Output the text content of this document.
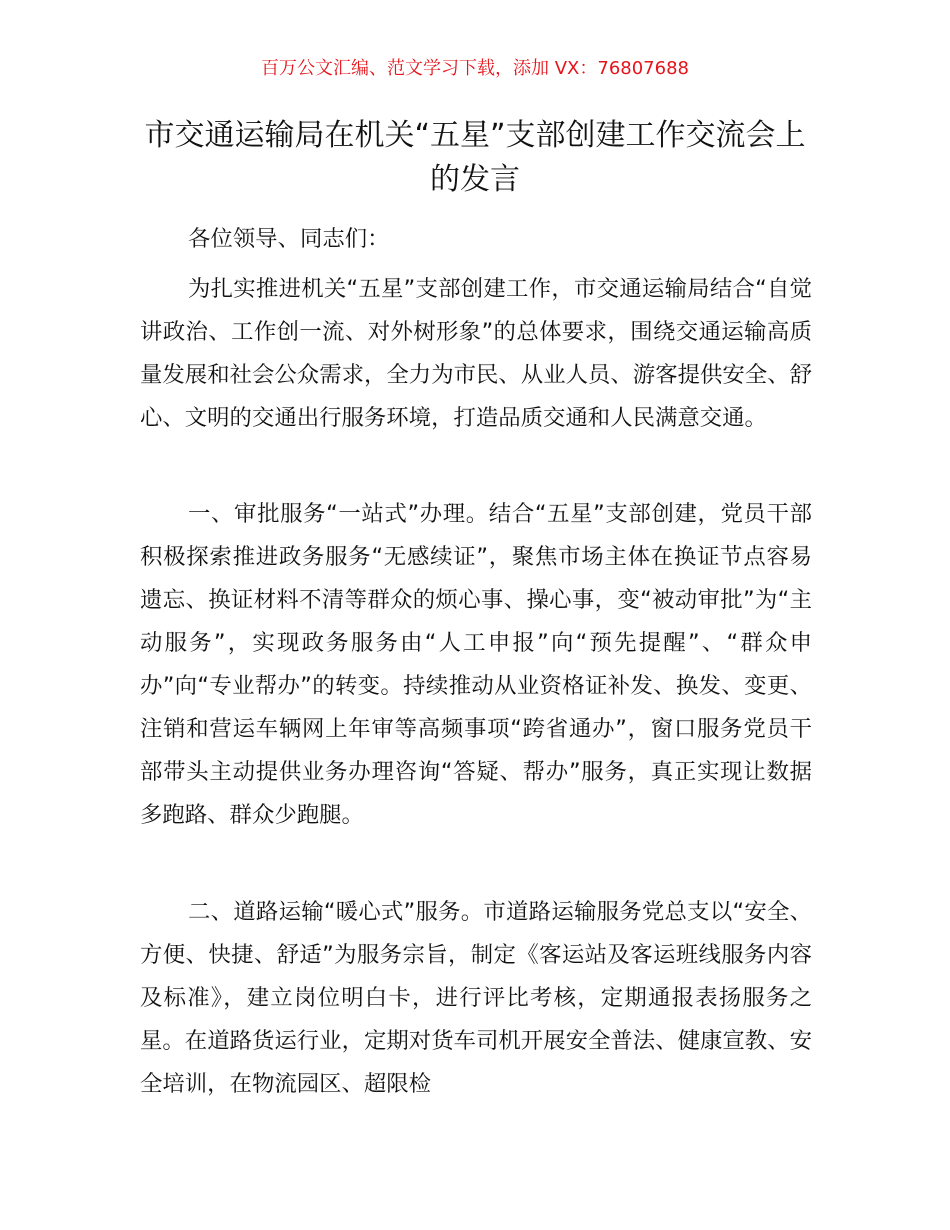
百万公文汇编、范文学习下载，添加 VX：76807688
市交通运输局在机关“五星”支部创建工作交流会上的发言
各位领导、同志们：
为扎实推进机关“五星”支部创建工作，市交通运输局结合“自觉讲政治、工作创一流、对外树形象”的总体要求，围绕交通运输高质量发展和社会公众需求，全力为市民、从业人员、游客提供安全、舒心、文明的交通出行服务环境，打造品质交通和人民满意交通。
一、审批服务“一站式”办理。结合“五星”支部创建，党员干部积极探索推进政务服务“无感续证”，聚焦市场主体在换证节点容易遗忘、换证材料不清等群众的烦心事、操心事，变“被动审批”为“主动服务”，实现政务服务由“人工申报”向“预先提醒”、“群众申办”向“专业帮办”的转变。持续推动从业资格证补发、换发、变更、注销和营运车辆网上年审等高频事项“跨省通办”，窗口服务党员干部带头主动提供业务办理咨询“答疑、帮办”服务，真正实现让数据多跑路、群众少跑腿。
二、道路运输“暖心式”服务。市道路运输服务党总支以“安全、方便、快捷、舒适”为服务宗旨，制定《客运站及客运班线服务内容及标准》，建立岗位明白卡，进行评比考核，定期通报表扬服务之星。在道路货运行业，定期对货车司机开展安全普法、健康宣教、安全培训，在物流园区、超限检
